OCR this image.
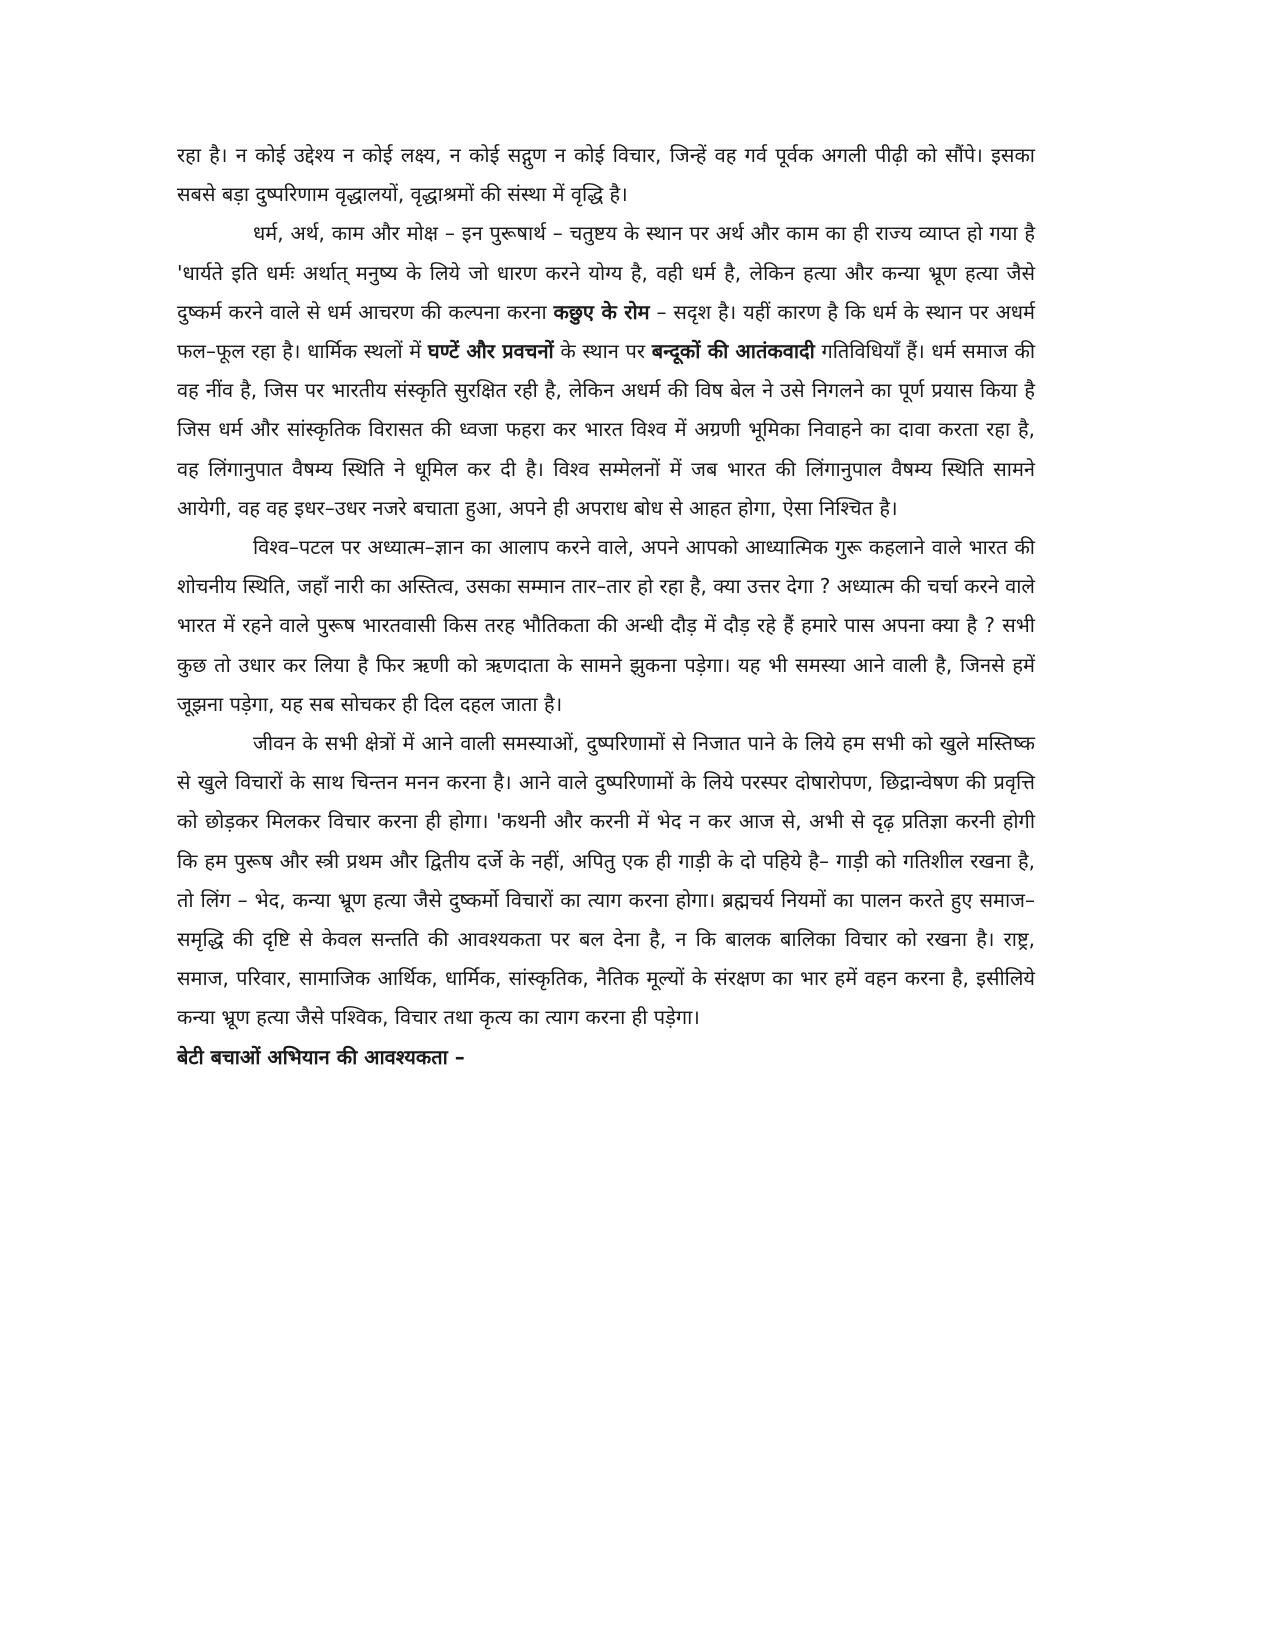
रहा है। न कोई उद्देश्य न कोई लक्ष्य, न कोई सद्गुण न कोई विचार, जिन्हें वह गर्व पूर्वक अगली पीढ़ी को सौंपे। इसका सबसे बड़ा दुष्परिणाम वृद्धालयों, वृद्धाश्रमों की संस्था में वृद्धि है।

धर्म, अर्थ, काम और मोक्ष – इन पुरूषार्थ – चतुष्टय के स्थान पर अर्थ और काम का ही राज्य व्याप्त हो गया है 'धार्यते इति धर्मः अर्थात् मनुष्य के लिये जो धारण करने योग्य है, वही धर्म है, लेकिन हत्या और कन्या भ्रूण हत्या जैसे दुष्कर्म करने वाले से धर्म आचरण की कल्पना करना कछुए के रोम – सदृश है। यहीं कारण है कि धर्म के स्थान पर अधर्म फल–फूल रहा है। धार्मिक स्थलों में घण्टें और प्रवचनों के स्थान पर बन्दूकों की आतंकवादी गतिविधियाँ हैं। धर्म समाज की वह नींव है, जिस पर भारतीय संस्कृति सुरक्षित रही है, लेकिन अधर्म की विष बेल ने उसे निगलने का पूर्ण प्रयास किया है जिस धर्म और सांस्कृतिक विरासत की ध्वजा फहरा कर भारत विश्व में अग्रणी भूमिका निवाहने का दावा करता रहा है, वह लिंगानुपात वैषम्य स्थिति ने धूमिल कर दी है। विश्व सम्मेलनों में जब भारत की लिंगानुपाल वैषम्य स्थिति सामने आयेगी, वह वह इधर–उधर नजरे बचाता हुआ, अपने ही अपराध बोध से आहत होगा, ऐसा निश्चित है।

विश्व–पटल पर अध्यात्म–ज्ञान का आलाप करने वाले, अपने आपको आध्यात्मिक गुरू कहलाने वाले भारत की शोचनीय स्थिति, जहाँ नारी का अस्तित्व, उसका सम्मान तार–तार हो रहा है, क्या उत्तर देगा ? अध्यात्म की चर्चा करने वाले भारत में रहने वाले पुरूष भारतवासी किस तरह भौतिकता की अन्धी दौड़ में दौड़ रहे हैं हमारे पास अपना क्या है ? सभी कुछ तो उधार कर लिया है फिर ऋणी को ऋणदाता के सामने झुकना पड़ेगा। यह भी समस्या आने वाली है, जिनसे हमें जूझना पड़ेगा, यह सब सोचकर ही दिल दहल जाता है।

जीवन के सभी क्षेत्रों में आने वाली समस्याओं, दुष्परिणामों से निजात पाने के लिये हम सभी को खुले मस्तिष्क से खुले विचारों के साथ चिन्तन मनन करना है। आने वाले दुष्परिणामों के लिये परस्पर दोषारोपण, छिद्रान्वेषण की प्रवृत्ति को छोड़कर मिलकर विचार करना ही होगा। 'कथनी और करनी में भेद न कर आज से, अभी से दृढ़ प्रतिज्ञा करनी होगी कि हम पुरूष और स्त्री प्रथम और द्वितीय दर्जे के नहीं, अपितु एक ही गाड़ी के दो पहिये है– गाड़ी को गतिशील रखना है, तो लिंग – भेद, कन्या भ्रूण हत्या जैसे दुष्कर्मो विचारों का त्याग करना होगा। ब्रह्मचर्य नियमों का पालन करते हुए समाज–समृद्धि की दृष्टि से केवल सन्तति की आवश्यकता पर बल देना है, न कि बालक बालिका विचार को रखना है। राष्ट्र, समाज, परिवार, सामाजिक आर्थिक, धार्मिक, सांस्कृतिक, नैतिक मूल्यों के संरक्षण का भार हमें वहन करना है, इसीलिये कन्या भ्रूण हत्या जैसे पश्विक, विचार तथा कृत्य का त्याग करना ही पड़ेगा।

बेटी बचाओं अभियान की आवश्यकता –
